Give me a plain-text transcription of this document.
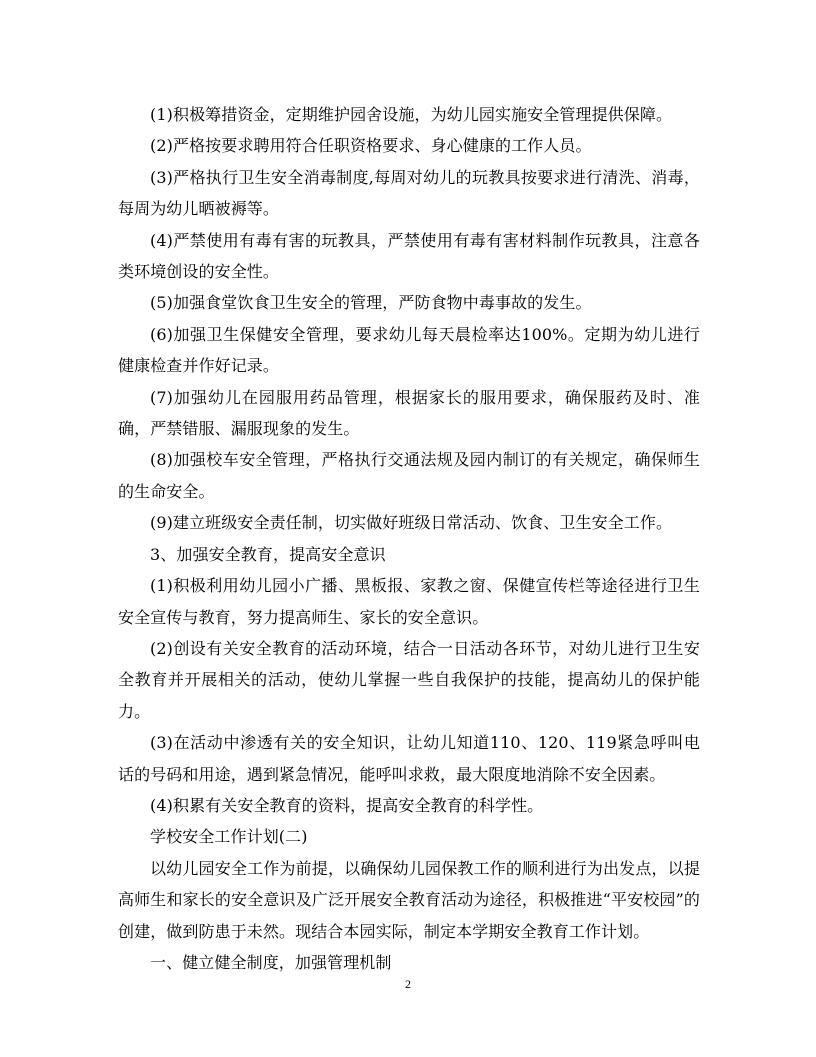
(1)积极筹措资金，定期维护园舍设施，为幼儿园实施安全管理提供保障。

(2)严格按要求聘用符合任职资格要求、身心健康的工作人员。

(3)严格执行卫生安全消毒制度,每周对幼儿的玩教具按要求进行清洗、消毒，每周为幼儿晒被褥等。

(4)严禁使用有毒有害的玩教具，严禁使用有毒有害材料制作玩教具，注意各类环境创设的安全性。

(5)加强食堂饮食卫生安全的管理，严防食物中毒事故的发生。

(6)加强卫生保健安全管理，要求幼儿每天晨检率达100%。定期为幼儿进行健康检查并作好记录。

(7)加强幼儿在园服用药品管理，根据家长的服用要求，确保服药及时、准确，严禁错服、漏服现象的发生。

(8)加强校车安全管理，严格执行交通法规及园内制订的有关规定，确保师生的生命安全。

(9)建立班级安全责任制，切实做好班级日常活动、饮食、卫生安全工作。

3、加强安全教育，提高安全意识

(1)积极利用幼儿园小广播、黑板报、家教之窗、保健宣传栏等途径进行卫生安全宣传与教育，努力提高师生、家长的安全意识。

(2)创设有关安全教育的活动环境，结合一日活动各环节，对幼儿进行卫生安全教育并开展相关的活动，使幼儿掌握一些自我保护的技能，提高幼儿的保护能力。

(3)在活动中渗透有关的安全知识，让幼儿知道110、120、119紧急呼叫电话的号码和用途，遇到紧急情况，能呼叫求救，最大限度地消除不安全因素。

(4)积累有关安全教育的资料，提高安全教育的科学性。

学校安全工作计划(二)

以幼儿园安全工作为前提，以确保幼儿园保教工作的顺利进行为出发点，以提高师生和家长的安全意识及广泛开展安全教育活动为途径，积极推进“平安校园”的创建，做到防患于未然。现结合本园实际，制定本学期安全教育工作计划。

一、健立健全制度，加强管理机制

2
